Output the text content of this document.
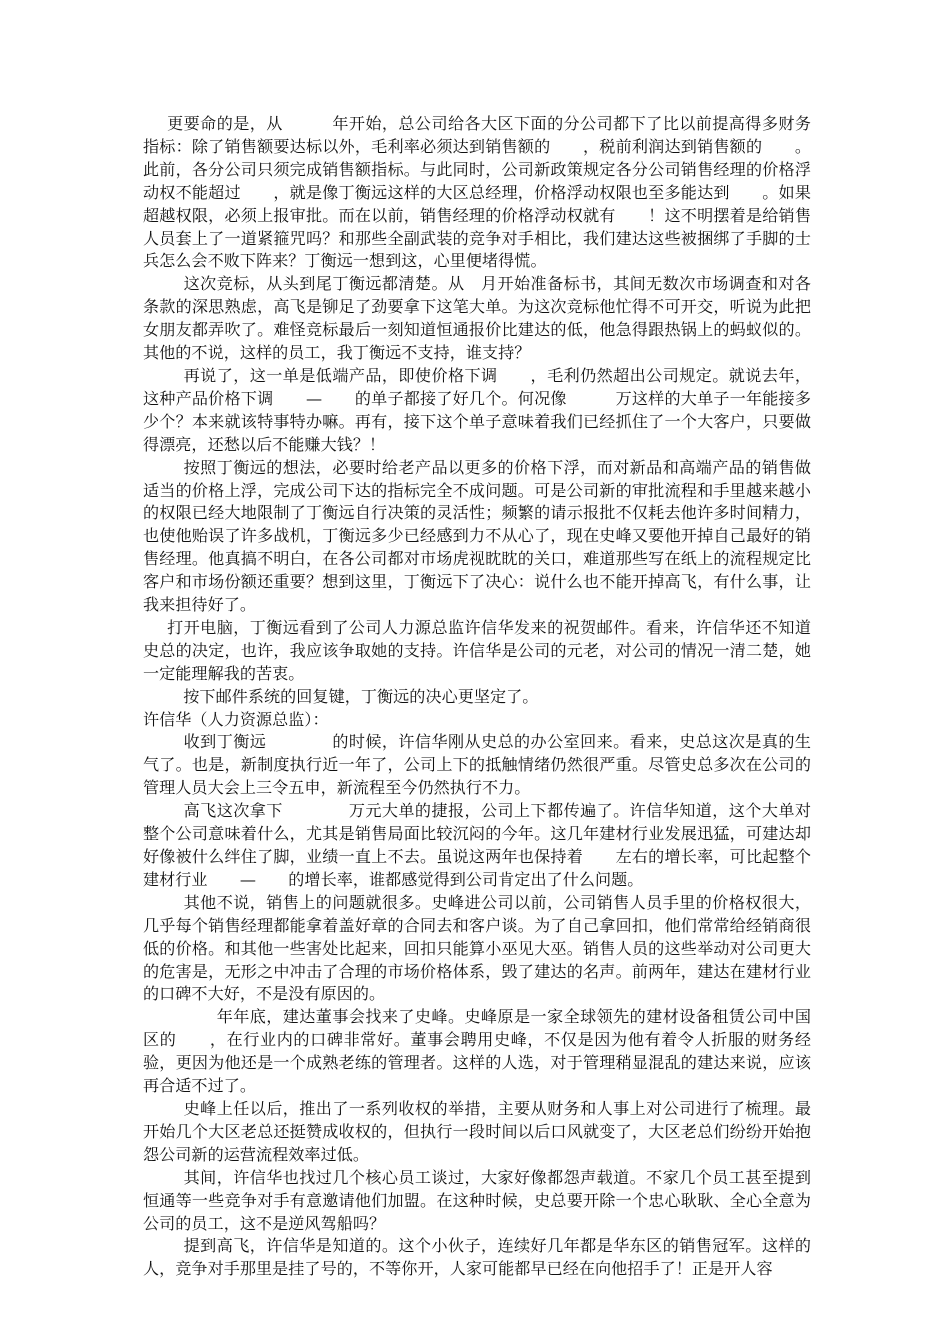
更要命的是，从　　　年开始，总公司给各大区下面的分公司都下了比以前提高得多财务指标：除了销售额要达标以外，毛利率必须达到销售额的　　，税前利润达到销售额的　　。此前，各分公司只须完成销售额指标。与此同时，公司新政策规定各分公司销售经理的价格浮动权不能超过　　，就是像丁衡远这样的大区总经理，价格浮动权限也至多能达到　　。如果超越权限，必须上报审批。而在以前，销售经理的价格浮动权就有　　！这不明摆着是给销售人员套上了一道紧箍咒吗？和那些全副武装的竞争对手相比，我们建达这些被捆绑了手脚的士兵怎么会不败下阵来？丁衡远一想到这，心里便堵得慌。

　这次竞标，从头到尾丁衡远都清楚。从　月开始准备标书，其间无数次市场调查和对各条款的深思熟虑，高飞是铆足了劲要拿下这笔大单。为这次竞标他忙得不可开交，听说为此把女朋友都弄吹了。难怪竞标最后一刻知道恒通报价比建达的低，他急得跟热锅上的蚂蚁似的。其他的不说，这样的员工，我丁衡远不支持，谁支持？

　再说了，这一单是低端产品，即使价格下调　　，毛利仍然超出公司规定。就说去年，这种产品价格下调　　—　　的单子都接了好几个。何况像　　　万这样的大单子一年能接多少个？本来就该特事特办嘛。再有，接下这个单子意味着我们已经抓住了一个大客户，只要做得漂亮，还愁以后不能赚大钱？！

　按照丁衡远的想法，必要时给老产品以更多的价格下浮，而对新品和高端产品的销售做适当的价格上浮，完成公司下达的指标完全不成问题。可是公司新的审批流程和手里越来越小的权限已经大地限制了丁衡远自行决策的灵活性；频繁的请示报批不仅耗去他许多时间精力，也使他贻误了许多战机，丁衡远多少已经感到力不从心了，现在史峰又要他开掉自己最好的销售经理。他真搞不明白，在各公司都对市场虎视眈眈的关口，难道那些写在纸上的流程规定比客户和市场份额还重要？想到这里，丁衡远下了决心：说什么也不能开掉高飞，有什么事，让我来担待好了。

打开电脑，丁衡远看到了公司人力源总监许信华发来的祝贺邮件。看来，许信华还不知道史总的决定，也许，我应该争取她的支持。许信华是公司的元老，对公司的情况一清二楚，她一定能理解我的苦衷。

　按下邮件系统的回复键，丁衡远的决心更坚定了。

许信华（人力资源总监）：

　收到丁衡远　　　　的时候，许信华刚从史总的办公室回来。看来，史总这次是真的生气了。也是，新制度执行近一年了，公司上下的抵触情绪仍然很严重。尽管史总多次在公司的管理人员大会上三令五申，新流程至今仍然执行不力。

　高飞这次拿下　　　　万元大单的捷报，公司上下都传遍了。许信华知道，这个大单对整个公司意味着什么，尤其是销售局面比较沉闷的今年。这几年建材行业发展迅猛，可建达却好像被什么绊住了脚，业绩一直上不去。虽说这两年也保持着　　左右的增长率，可比起整个建材行业　　—　　的增长率，谁都感觉得到公司肯定出了什么问题。

　其他不说，销售上的问题就很多。史峰进公司以前，公司销售人员手里的价格权很大，几乎每个销售经理都能拿着盖好章的合同去和客户谈。为了自己拿回扣，他们常常给经销商很低的价格。和其他一些害处比起来，回扣只能算小巫见大巫。销售人员的这些举动对公司更大的危害是，无形之中冲击了合理的市场价格体系，毁了建达的名声。前两年，建达在建材行业的口碑不大好，不是没有原因的。

　　　年年底，建达董事会找来了史峰。史峰原是一家全球领先的建材设备租赁公司中国区的　　，在行业内的口碑非常好。董事会聘用史峰，不仅是因为他有着令人折服的财务经验，更因为他还是一个成熟老练的管理者。这样的人选，对于管理稍显混乱的建达来说，应该再合适不过了。

　史峰上任以后，推出了一系列收权的举措，主要从财务和人事上对公司进行了梳理。最开始几个大区老总还挺赞成收权的，但执行一段时间以后口风就变了，大区老总们纷纷开始抱怨公司新的运营流程效率过低。

　其间，许信华也找过几个核心员工谈过，大家好像都怨声载道。不家几个员工甚至提到恒通等一些竞争对手有意邀请他们加盟。在这种时候，史总要开除一个忠心耿耿、全心全意为公司的员工，这不是逆风驾船吗？

　提到高飞，许信华是知道的。这个小伙子，连续好几年都是华东区的销售冠军。这样的人，竞争对手那里是挂了号的，不等你开，人家可能都早已经在向他招手了！正是开人容
